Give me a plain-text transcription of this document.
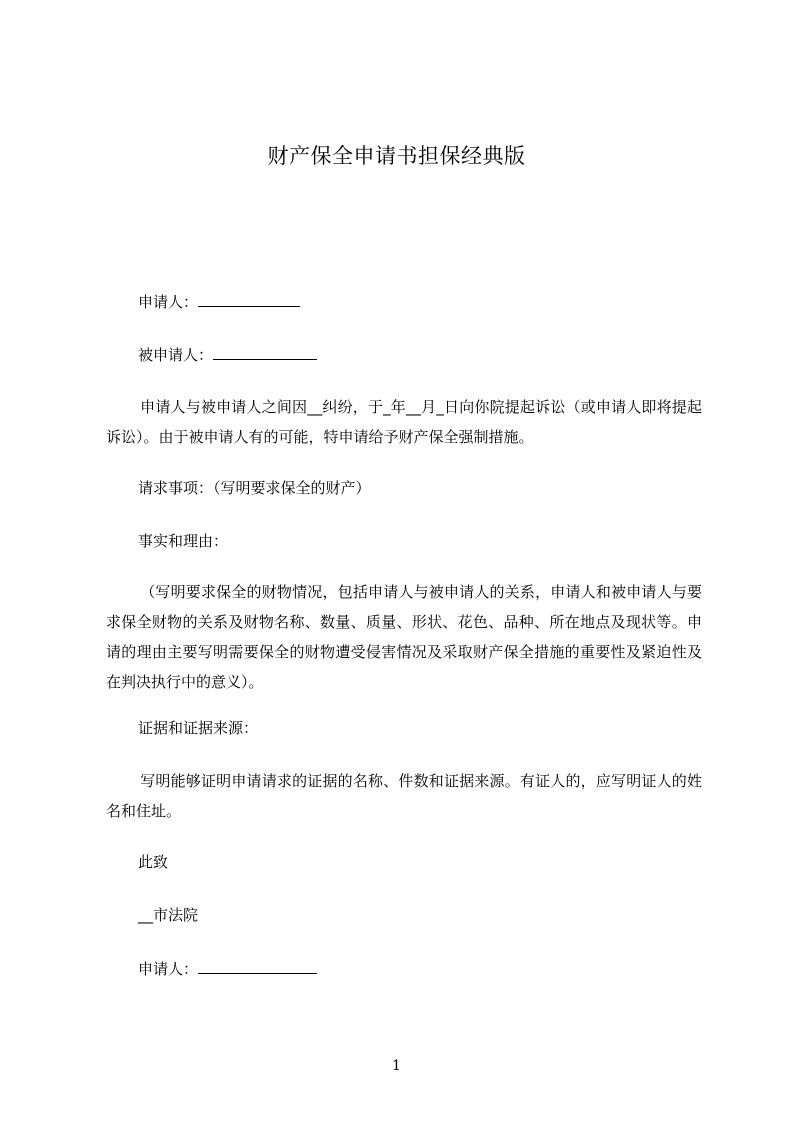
财产保全申请书担保经典版
申请人：
被申请人：
申请人与被申请人之间因__纠纷，于_年__月_日向你院提起诉讼（或申请人即将提起诉讼）。由于被申请人有的可能，特申请给予财产保全强制措施。
请求事项：（写明要求保全的财产）
事实和理由：
（写明要求保全的财物情况，包括申请人与被申请人的关系，申请人和被申请人与要求保全财物的关系及财物名称、数量、质量、形状、花色、品种、所在地点及现状等。申请的理由主要写明需要保全的财物遭受侵害情况及采取财产保全措施的重要性及紧迫性及在判决执行中的意义）。
证据和证据来源：
写明能够证明申请请求的证据的名称、件数和证据来源。有证人的，应写明证人的姓名和住址。
此致
__市法院
申请人：
1
